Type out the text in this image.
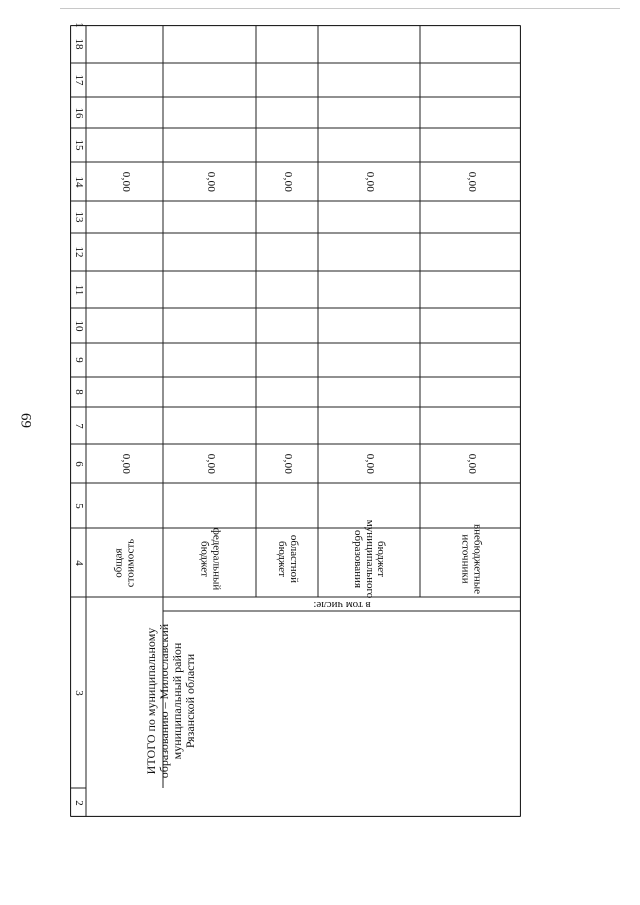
69
18
17
16
15
14
13
12
11
10
9
8
7
6
5
4
3
2
1
общая стоимость
0,00
0,00
федеральный бюджет
0,00
0,00
областной бюджет
0,00
0,00
бюджет муниципального образования
0,00
0,00
внебюджетные источники
0,00
0,00
в том числе:
ИТОГО по муниципальному образованию – Милославский муниципальный район Рязанской области
